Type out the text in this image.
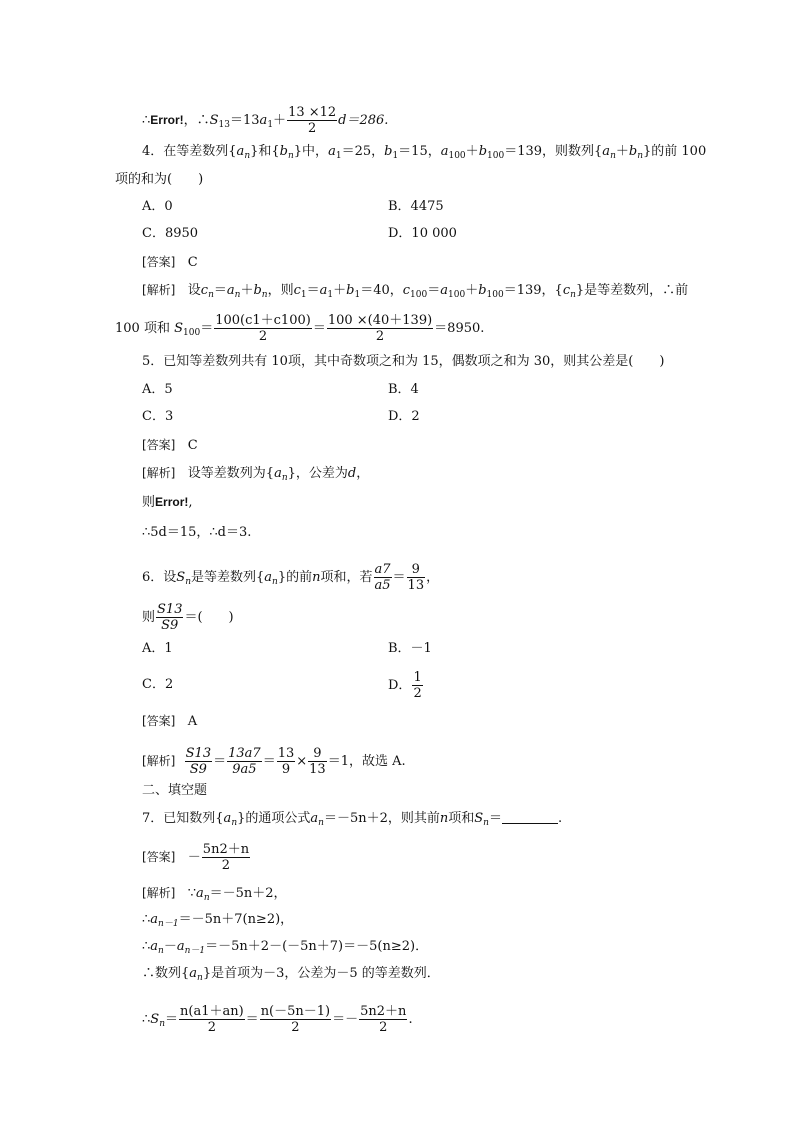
∴Error!，$\therefore S_{13}=13a_1+ \frac{13 \times 12}{2} d=286$.
4．在等差数列$\{a_n\}$和$\{b_n\}$中，$a_1=25$，$b_1=15$，$a_{100}+b_{100}=139$，则数列$\{a_n+b_n\}$的前 100
项的和为(　　)
A．0	B．4475
C．8950	D．10 000
[答案] C
[解析] 设$c_n=a_n+b_n$，则$c_1=a_1+b_1=40$，$c_{100}=a_{100}+b_{100}=139$，$\{c_n\}$是等差数列，∴前
100 项和 $S_{100}= \frac{100(c1+c100)}{2} = \frac{100 \times(40+139)}{2} =8950$.
5．已知等差数列共有 10项，其中奇数项之和为 15，偶数项之和为 30，则其公差是(　　)
A．5	B．4
C．3	D．2
[答案] C
[解析] 设等差数列为$\{a_n\}$，公差为d，
则Error!,
∴5d＝15，∴d＝3.
6．设$S_n$是等差数列$\{a_n\}$的前n项和，若 $\frac{a7}{a5} = \frac{9}{13}$ ，
则 $\frac{S13}{S9}$ ＝(　　)
A．1	B．－1
C．2	D． $\frac{1}{2}$
[答案] A
[解析] $\frac{S13}{S9} = \frac{13a7}{9a5} = \frac{13}{9} \times \frac{9}{13} =1$，故选 A.
二、填空题
7．已知数列$\{a_n\}$的通项公式$a_n=-5n+2$，则其前n项和$S_n=$	.
[答案] － $\frac{5n2+n}{2}$
[解析]   $\because a_n=-5n+2$，
$\therefore a_{n-1}=-5n+7(n\ge 2)$，
$\therefore a_n-a_{n-1}=-5n+2-(-5n+7)=-5(n\ge 2)$．
∴数列$\{a_n\}$是首项为－3，公差为－5 的等差数列．
$\therefore S_n= \frac{n(a1+an)}{2} = \frac{n(-5n-1)}{2} =- \frac{5n2+n}{2}$ .
